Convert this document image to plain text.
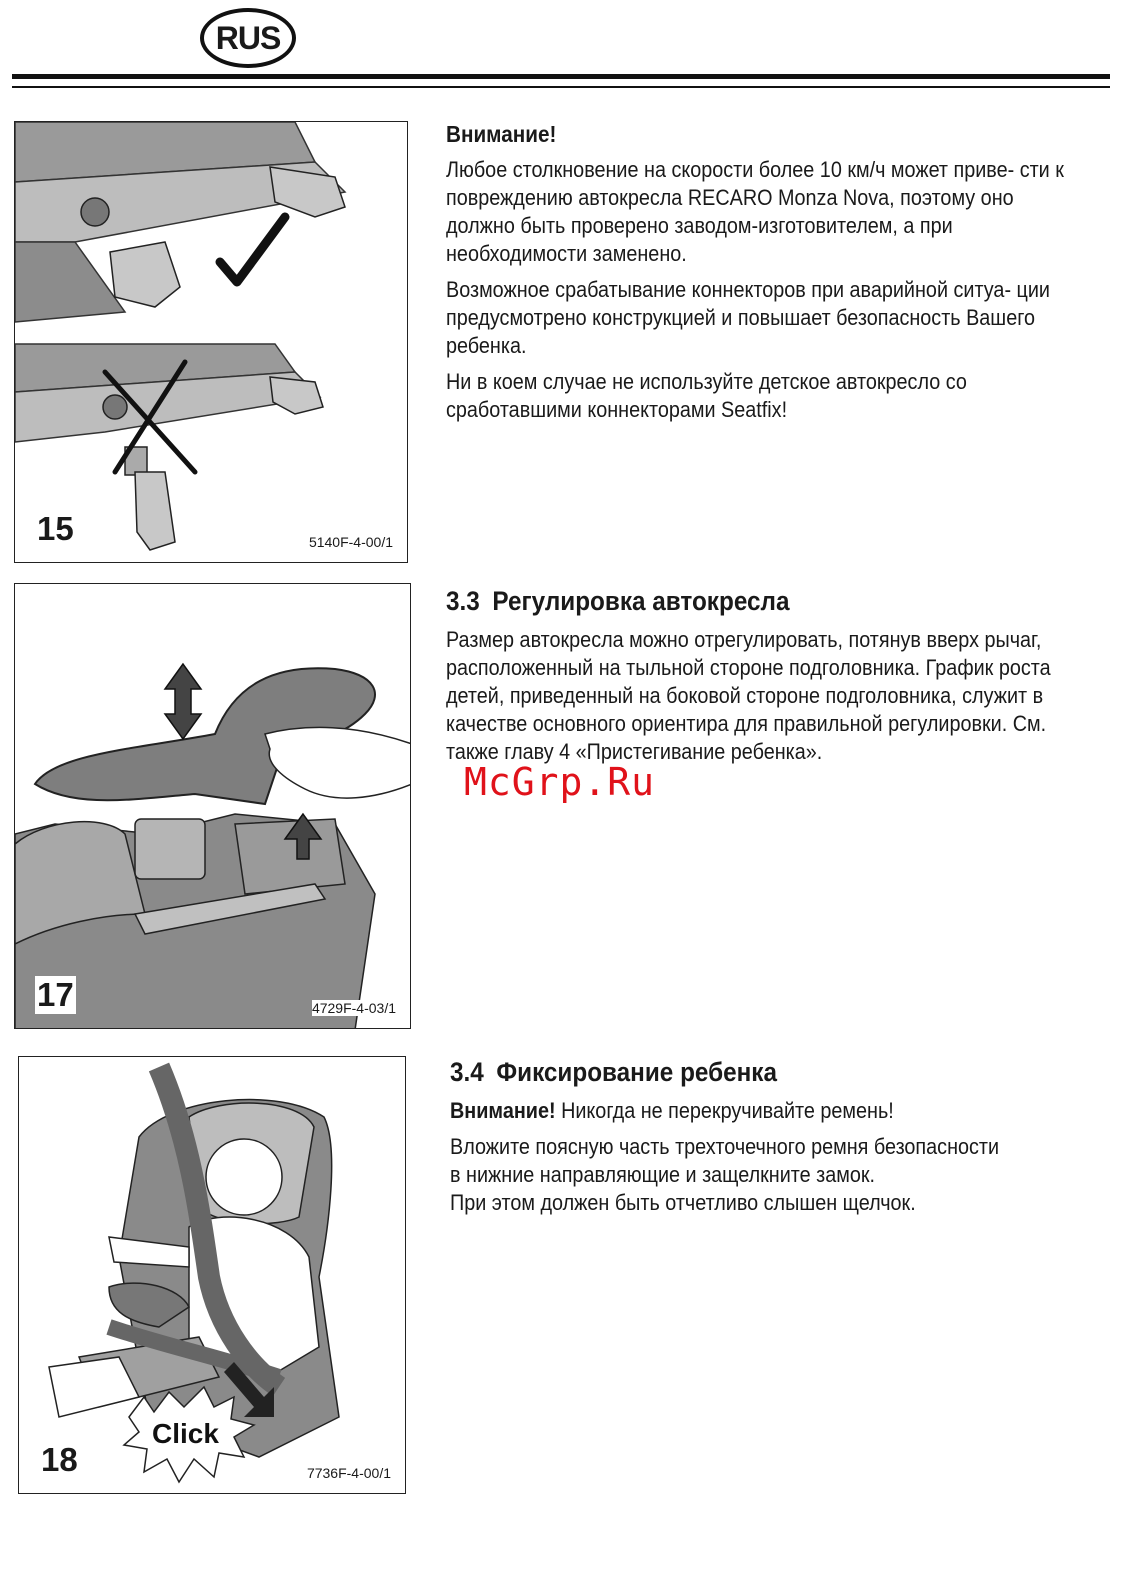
RUS
15	5140F-4-00/1
Внимание!

Любое столкновение на скорости более 10 км/ч может приве- сти к повреждению автокресла RECARO Monza Nova, поэтому оно должно быть проверено заводом-изготовителем, а при необходимости заменено.

Возможное срабатывание коннекторов при аварийной ситуа- ции предусмотрено конструкцией и повышает безопасность Вашего ребенка.

Ни в коем случае не используйте детское автокресло со сработавшими коннекторами Seatfix!

17	4729F-4-03/1
3.3 Регулировка автокресла

Размер автокресла можно отрегулировать, потянув вверх рычаг, расположенный на тыльной стороне подголовника. График роста детей, приведенный на боковой стороне подголовника, служит в качестве основного ориентира для правильной регулировки. См. также главу 4 «Пристегивание ребенка».

McGrp.Ru
Click
18	7736F-4-00/1
3.4 Фиксирование ребенка

Внимание! Никогда не перекручивайте ремень!

Вложите поясную часть трехточечного ремня безопасности

в нижние направляющие и защелкните замок.

При этом должен быть отчетливо слышен щелчок.
